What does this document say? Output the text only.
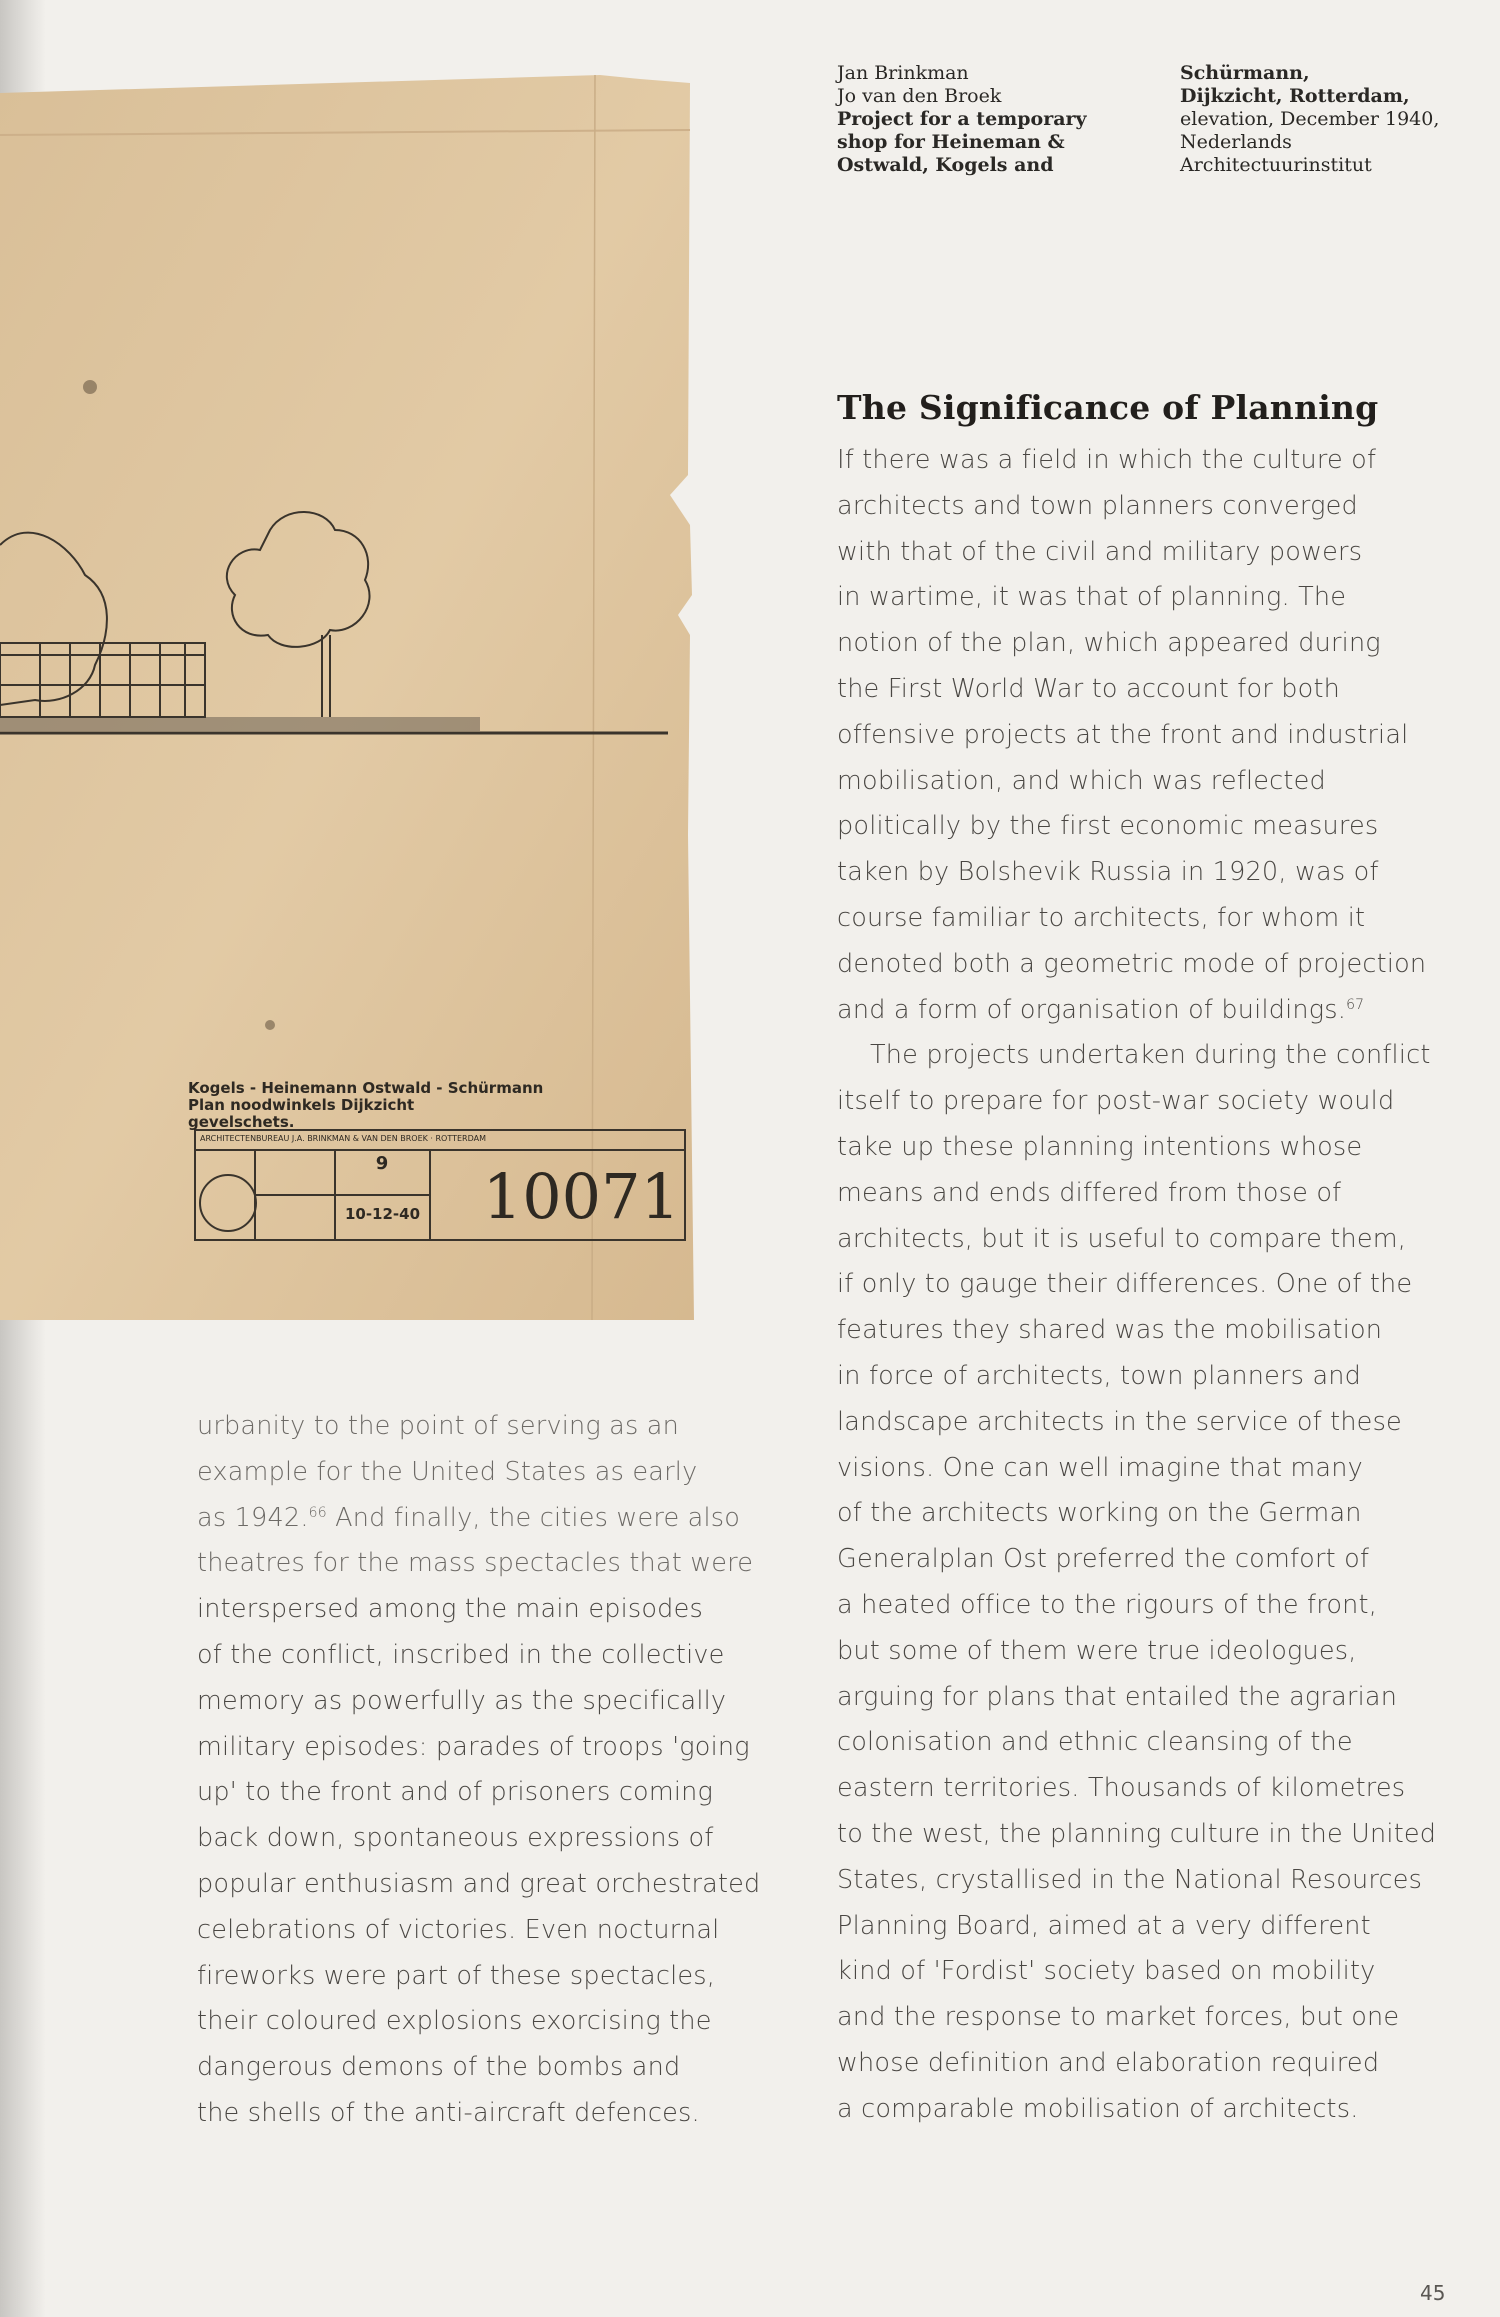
Kogels - Heinemann Ostwald - Schürmann
Plan noodwinkels Dijkzicht
gevelschets.
ARCHITECTENBUREAU J.A. BRINKMAN & VAN DEN BROEK · ROTTERDAM
9
10-12-40	10071
Jan Brinkman
Jo van den Broek
Project for a temporary
shop for Heineman &
Ostwald, Kogels and
Schürmann,
Dijkzicht, Rotterdam,
elevation, December 1940,
Nederlands
Architectuurinstitut
The Significance of Planning
If there was a field in which the culture of
architects and town planners converged
with that of the civil and military powers
in wartime, it was that of planning. The
notion of the plan, which appeared during
the First World War to account for both
offensive projects at the front and industrial
mobilisation, and which was reflected
politically by the first economic measures
taken by Bolshevik Russia in 1920, was of
course familiar to architects, for whom it
denoted both a geometric mode of projection
and a form of organisation of buildings.$^{67}$
The projects undertaken during the conflict
itself to prepare for post-war society would
take up these planning intentions whose
means and ends differed from those of
architects, but it is useful to compare them,
if only to gauge their differences. One of the
features they shared was the mobilisation
in force of architects, town planners and
landscape architects in the service of these
visions. One can well imagine that many
of the architects working on the German
Generalplan Ost preferred the comfort of
a heated office to the rigours of the front,
but some of them were true ideologues,
arguing for plans that entailed the agrarian
colonisation and ethnic cleansing of the
eastern territories. Thousands of kilometres
to the west, the planning culture in the United
States, crystallised in the National Resources
Planning Board, aimed at a very different
kind of 'Fordist' society based on mobility
and the response to market forces, but one
whose definition and elaboration required
a comparable mobilisation of architects.
urbanity to the point of serving as an
example for the United States as early
as 1942.66 And finally, the cities were also
theatres for the mass spectacles that were
interspersed among the main episodes
of the conflict, inscribed in the collective
memory as powerfully as the specifically
military episodes: parades of troops 'going
up' to the front and of prisoners coming
back down, spontaneous expressions of
popular enthusiasm and great orchestrated
celebrations of victories. Even nocturnal
fireworks were part of these spectacles,
their coloured explosions exorcising the
dangerous demons of the bombs and
the shells of the anti-aircraft defences.
45
